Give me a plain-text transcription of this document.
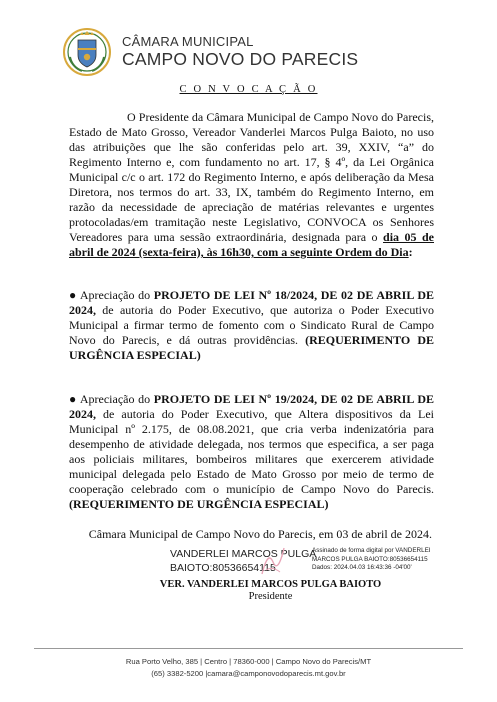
CÂMARA MUNICIPAL
CAMPO NOVO DO PARECIS
C O N V O C A Ç Ã O

O Presidente da Câmara Municipal de Campo Novo do Parecis, Estado de Mato Grosso, Vereador Vanderlei Marcos Pulga Baioto, no uso das atribuições que lhe são conferidas pelo art. 39, XXIV, “a” do Regimento Interno e, com fundamento no art. 17, § 4º, da Lei Orgânica Municipal c/c o art. 172 do Regimento Interno, e após deliberação da Mesa Diretora, nos termos do art. 33, IX, também do Regimento Interno, em razão da necessidade de apreciação de matérias relevantes e urgentes protocoladas/em tramitação neste Legislativo, CONVOCA os Senhores Vereadores para uma sessão extraordinária, designada para o dia 05 de abril de 2024 (sexta-feira), às 16h30, com a seguinte Ordem do Dia:

● Apreciação do PROJETO DE LEI Nº 18/2024, DE 02 DE ABRIL DE 2024, de autoria do Poder Executivo, que autoriza o Poder Executivo Municipal a firmar termo de fomento com o Sindicato Rural de Campo Novo do Parecis, e dá outras providências. (REQUERIMENTO DE URGÊNCIA ESPECIAL)

● Apreciação do PROJETO DE LEI Nº 19/2024, DE 02 DE ABRIL DE 2024, de autoria do Poder Executivo, que Altera dispositivos da Lei Municipal nº 2.175, de 08.08.2021, que cria verba indenizatória para desempenho de atividade delegada, nos termos que especifica, a ser paga aos policiais militares, bombeiros militares que exercerem atividade municipal delegada pelo Estado de Mato Grosso por meio de termo de cooperação celebrado com o município de Campo Novo do Parecis. (REQUERIMENTO DE URGÊNCIA ESPECIAL)

Câmara Municipal de Campo Novo do Parecis, em 03 de abril de 2024.
VANDERLEI MARCOS PULGA
BAIOTO:80536654115
Assinado de forma digital por VANDERLEI
MARCOS PULGA BAIOTO:80536654115
Dados: 2024.04.03 16:43:36 -04'00'
VER. VANDERLEI MARCOS PULGA BAIOTO
Presidente
Rua Porto Velho, 385 | Centro | 78360-000 | Campo Novo do Parecis/MT
(65) 3382-5200 |camara@camponovodoparecis.mt.gov.br
